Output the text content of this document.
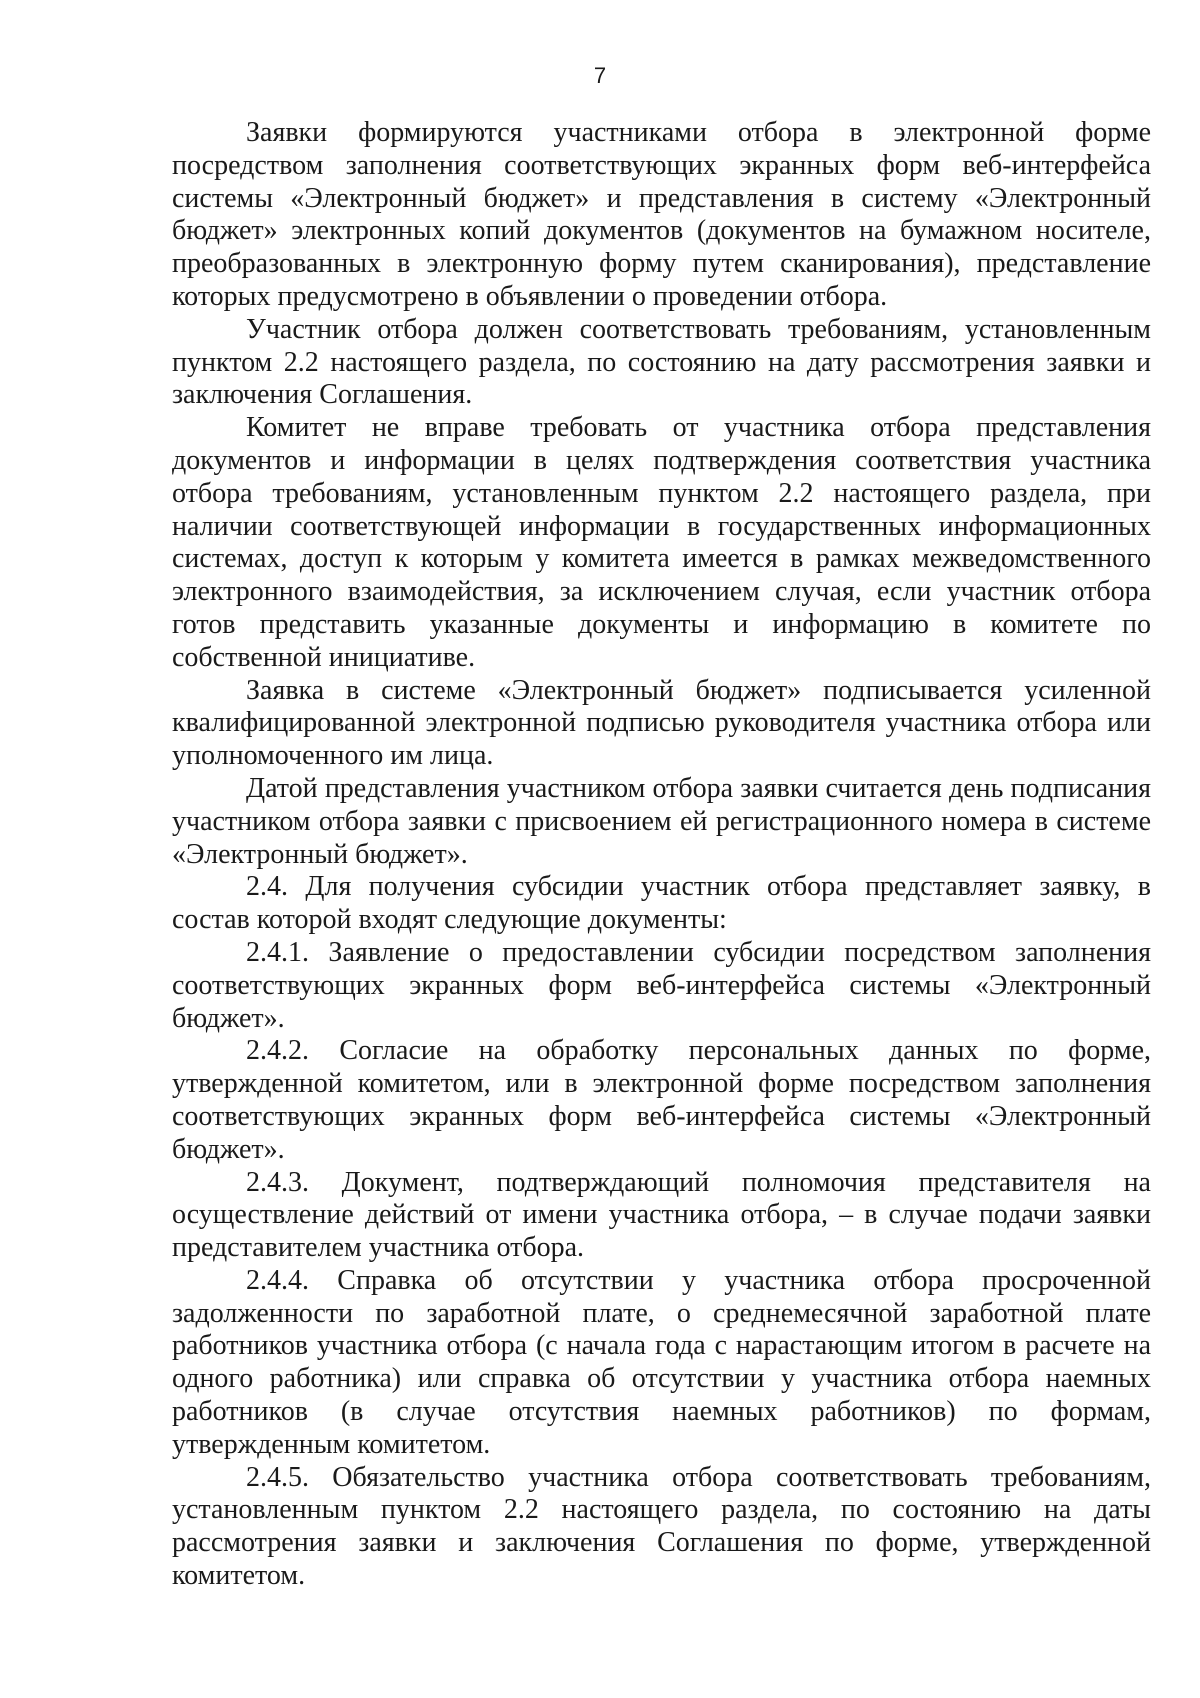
7

Заявки формируются участниками отбора в электронной форме посредством заполнения соответствующих экранных форм веб-интерфейса системы «Электронный бюджет» и представления в систему «Электронный бюджет» электронных копий документов (документов на бумажном носителе, преобразованных в электронную форму путем сканирования), представление которых предусмотрено в объявлении о проведении отбора.

Участник отбора должен соответствовать требованиям, установленным пунктом 2.2 настоящего раздела, по состоянию на дату рассмотрения заявки и заключения Соглашения.

Комитет не вправе требовать от участника отбора представления документов и информации в целях подтверждения соответствия участника отбора требованиям, установленным пунктом 2.2 настоящего раздела, при наличии соответствующей информации в государственных информационных системах, доступ к которым у комитета имеется в рамках межведомственного электронного взаимодействия, за исключением случая, если участник отбора готов представить указанные документы и информацию в комитете по собственной инициативе.

Заявка в системе «Электронный бюджет» подписывается усиленной квалифицированной электронной подписью руководителя участника отбора или уполномоченного им лица.

Датой представления участником отбора заявки считается день подписания участником отбора заявки с присвоением ей регистрационного номера в системе «Электронный бюджет».

2.4. Для получения субсидии участник отбора представляет заявку, в состав которой входят следующие документы:

2.4.1. Заявление о предоставлении субсидии посредством заполнения соответствующих экранных форм веб-интерфейса системы «Электронный бюджет».

2.4.2. Согласие на обработку персональных данных по форме, утвержденной комитетом, или в электронной форме посредством заполнения соответствующих экранных форм веб-интерфейса системы «Электронный бюджет».

2.4.3. Документ, подтверждающий полномочия представителя на осуществление действий от имени участника отбора, – в случае подачи заявки представителем участника отбора.

2.4.4. Справка об отсутствии у участника отбора просроченной задолженности по заработной плате, о среднемесячной заработной плате работников участника отбора (с начала года с нарастающим итогом в расчете на одного работника) или справка об отсутствии у участника отбора наемных работников (в случае отсутствия наемных работников) по формам, утвержденным комитетом.

2.4.5. Обязательство участника отбора соответствовать требованиям, установленным пунктом 2.2 настоящего раздела, по состоянию на даты рассмотрения заявки и заключения Соглашения по форме, утвержденной комитетом.
